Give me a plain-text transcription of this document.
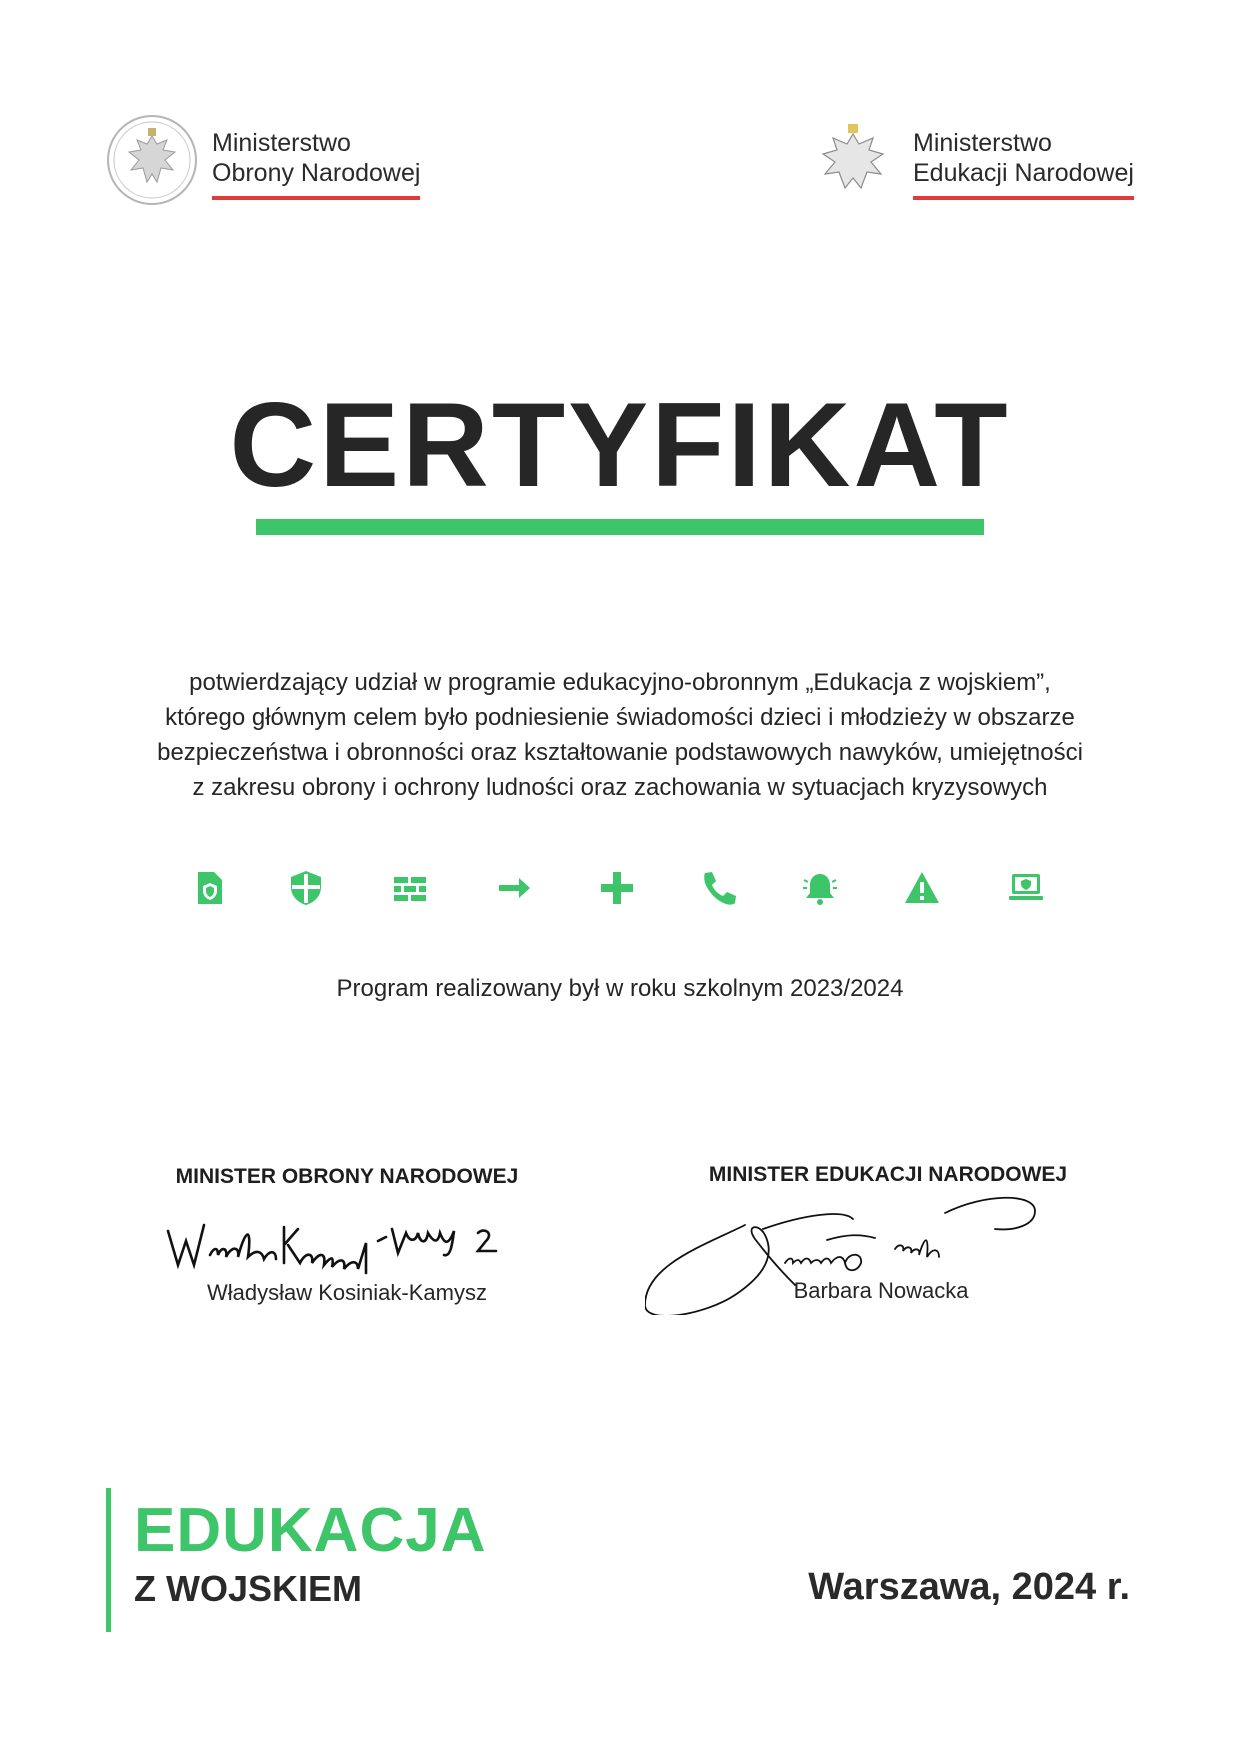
Ministerstwo
Obrony Narodowej
Ministerstwo
Edukacji Narodowej
CERTYFIKAT
potwierdzający udział w programie edukacyjno-obronnym „Edukacja z wojskiem”,
którego głównym celem było podniesienie świadomości dzieci i młodzieży w obszarze
bezpieczeństwa i obronności oraz kształtowanie podstawowych nawyków, umiejętności
z zakresu obrony i ochrony ludności oraz zachowania w sytuacjach kryzysowych
Program realizowany był w roku szkolnym 2023/2024
MINISTER OBRONY NARODOWEJ	MINISTER EDUKACJI NARODOWEJ
Władysław Kosiniak-Kamysz	Barbara Nowacka
EDUKACJA
Z WOJSKIEM	Warszawa, 2024 r.
